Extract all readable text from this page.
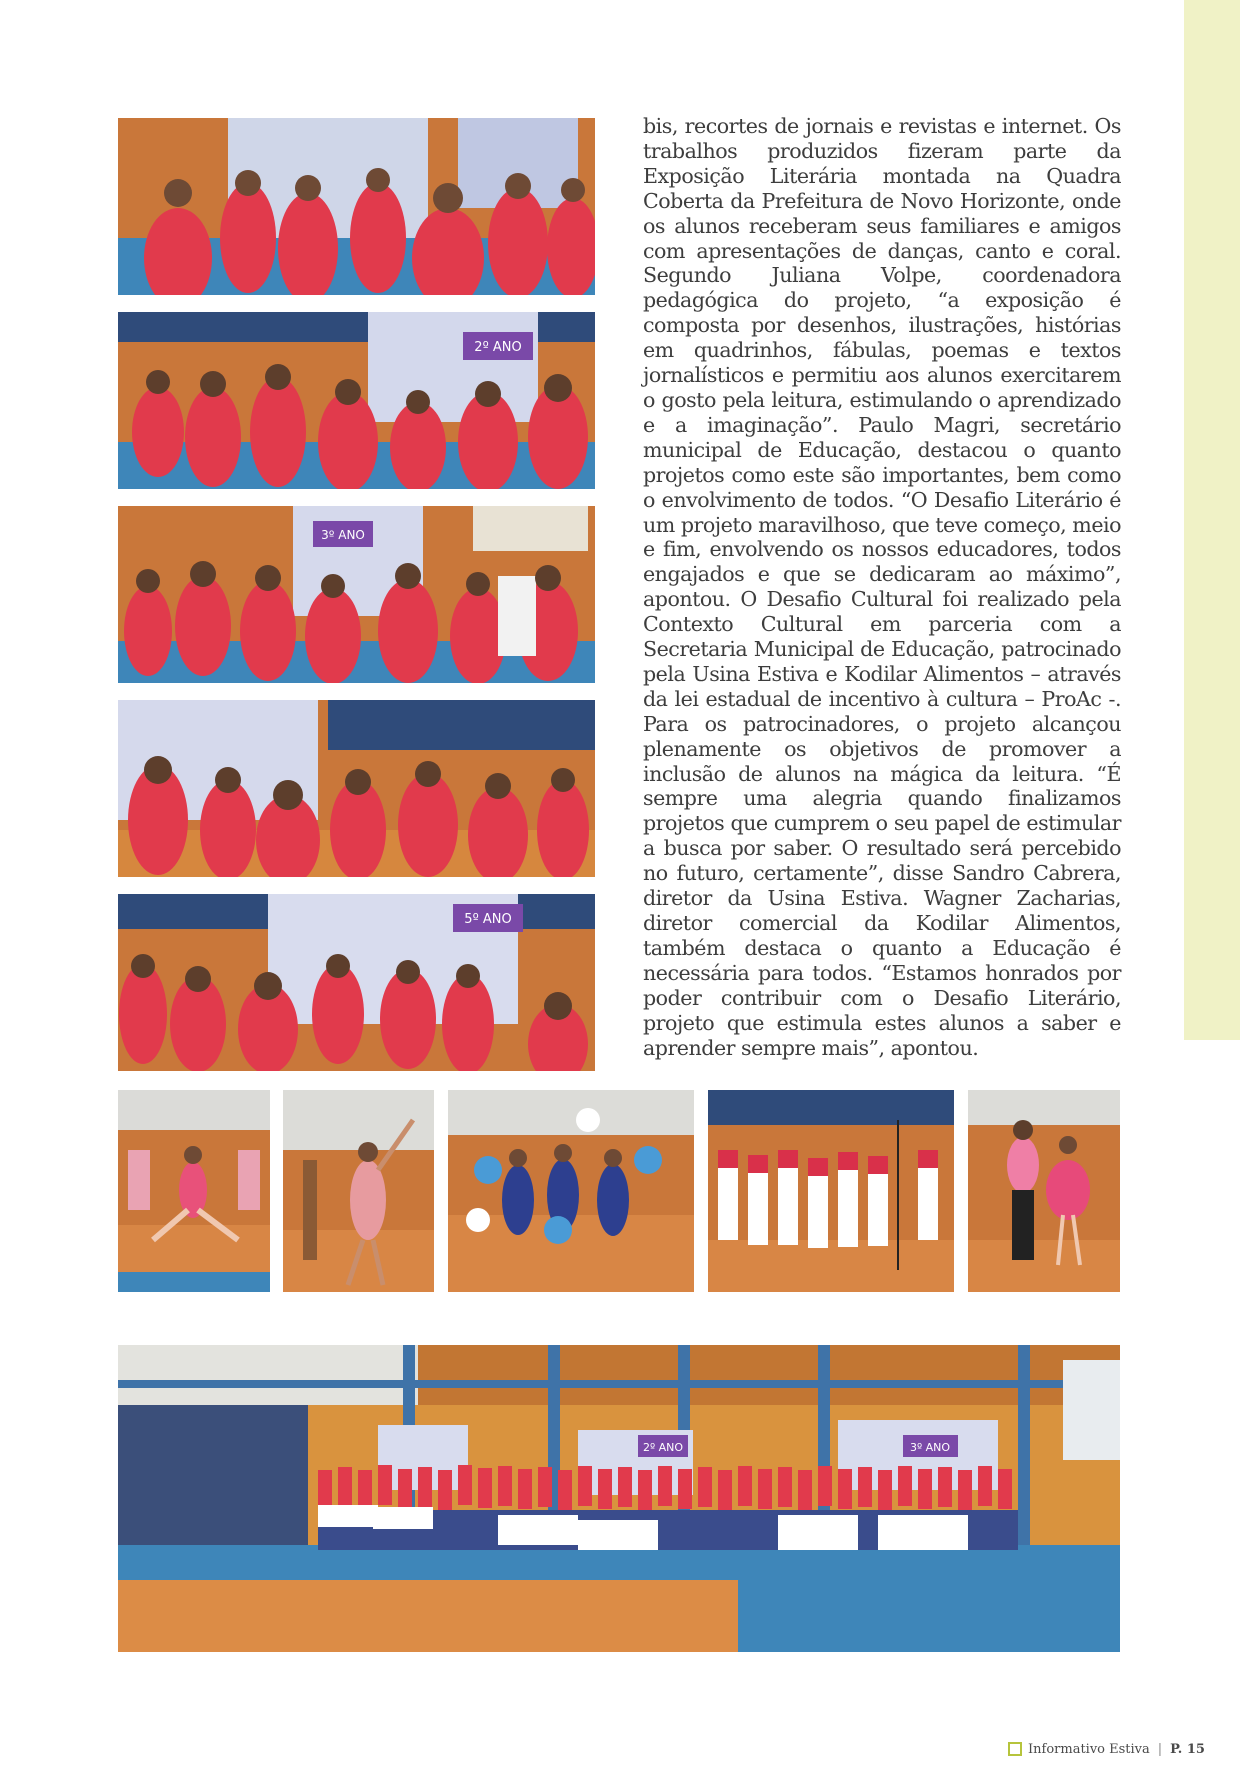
2º ANO
3º ANO
5º ANO

bis, recortes de jornais e revistas e internet. Os trabalhos produzidos fizeram parte da Exposição Literária montada na Quadra Coberta da Prefeitura de Novo Horizonte, onde os alunos receberam seus familiares e amigos com apresentações de danças, canto e coral. Segundo Juliana Volpe, coordenadora pedagógica do projeto, “a exposição é composta por desenhos, ilustrações, histórias em quadrinhos, fábulas, poemas e textos jornalísticos e permitiu aos alunos exercitarem o gosto pela leitura, estimulando o aprendizado e a imaginação”. Paulo Magri, secretário municipal de Educação, destacou o quanto projetos como este são importantes, bem como o envolvimento de todos. “O Desafio Literário é um projeto maravilhoso, que teve começo, meio e fim, envolvendo os nossos educadores, todos engajados e que se dedicaram ao máximo”, apontou. O Desafio Cultural foi realizado pela Contexto Cultural em parceria com a Secretaria Municipal de Educação, patrocinado pela Usina Estiva e Kodilar Alimentos – através da lei estadual de incentivo à cultura – ProAc -. Para os patrocinadores, o projeto alcançou plenamente os objetivos de promover a inclusão de alunos na mágica da leitura. “É sempre uma alegria quando finalizamos projetos que cumprem o seu papel de estimular a busca por saber. O resultado será percebido no futuro, certamente”, disse Sandro Cabrera, diretor da Usina Estiva. Wagner Zacharias, diretor comercial da Kodilar Alimentos, também destaca o quanto a Educação é necessária para todos. “Estamos honrados por poder contribuir com o Desafio Literário, projeto que estimula estes alunos a saber e aprender sempre mais”, apontou.

2º ANO	3º ANO
Informativo Estiva | P. 15
